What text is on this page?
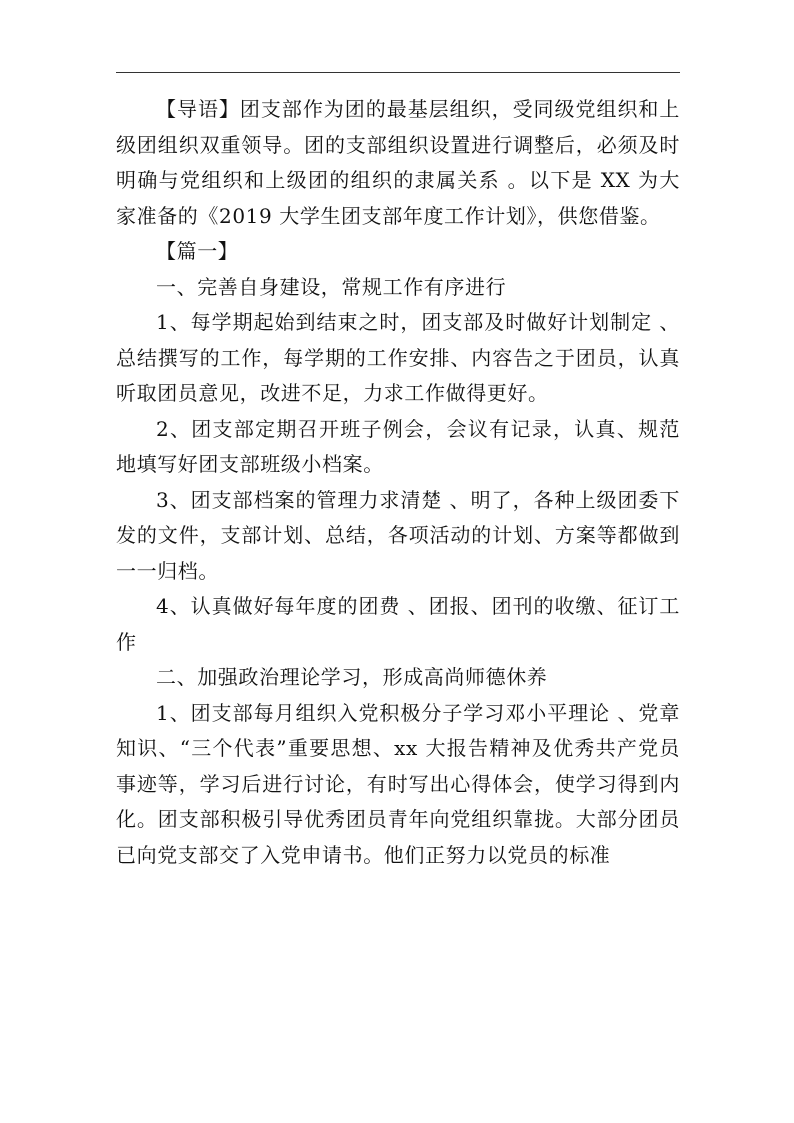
【导语】团支部作为团的最基层组织，受同级党组织和上级团组织双重领导。团的支部组织设置进行调整后，必须及时明确与党组织和上级团的组织的隶属关系 。以下是 XX 为大家准备的《2019 大学生团支部年度工作计划》，供您借鉴。

【篇一】

一、完善自身建设，常规工作有序进行

1、每学期起始到结束之时，团支部及时做好计划制定 、总结撰写的工作，每学期的工作安排、内容告之于团员，认真听取团员意见，改进不足，力求工作做得更好。

2、团支部定期召开班子例会，会议有记录，认真、规范地填写好团支部班级小档案。

3、团支部档案的管理力求清楚 、明了，各种上级团委下发的文件，支部计划、总结，各项活动的计划、方案等都做到一一归档。

4、认真做好每年度的团费 、团报、团刊的收缴、征订工作

二、加强政治理论学习，形成高尚师德休养

1、团支部每月组织入党积极分子学习邓小平理论 、党章知识、“三个代表”重要思想、xx 大报告精神及优秀共产党员事迹等，学习后进行讨论，有时写出心得体会，使学习得到内化。团支部积极引导优秀团员青年向党组织靠拢。大部分团员已向党支部交了入党申请书。他们正努力以党员的标准
